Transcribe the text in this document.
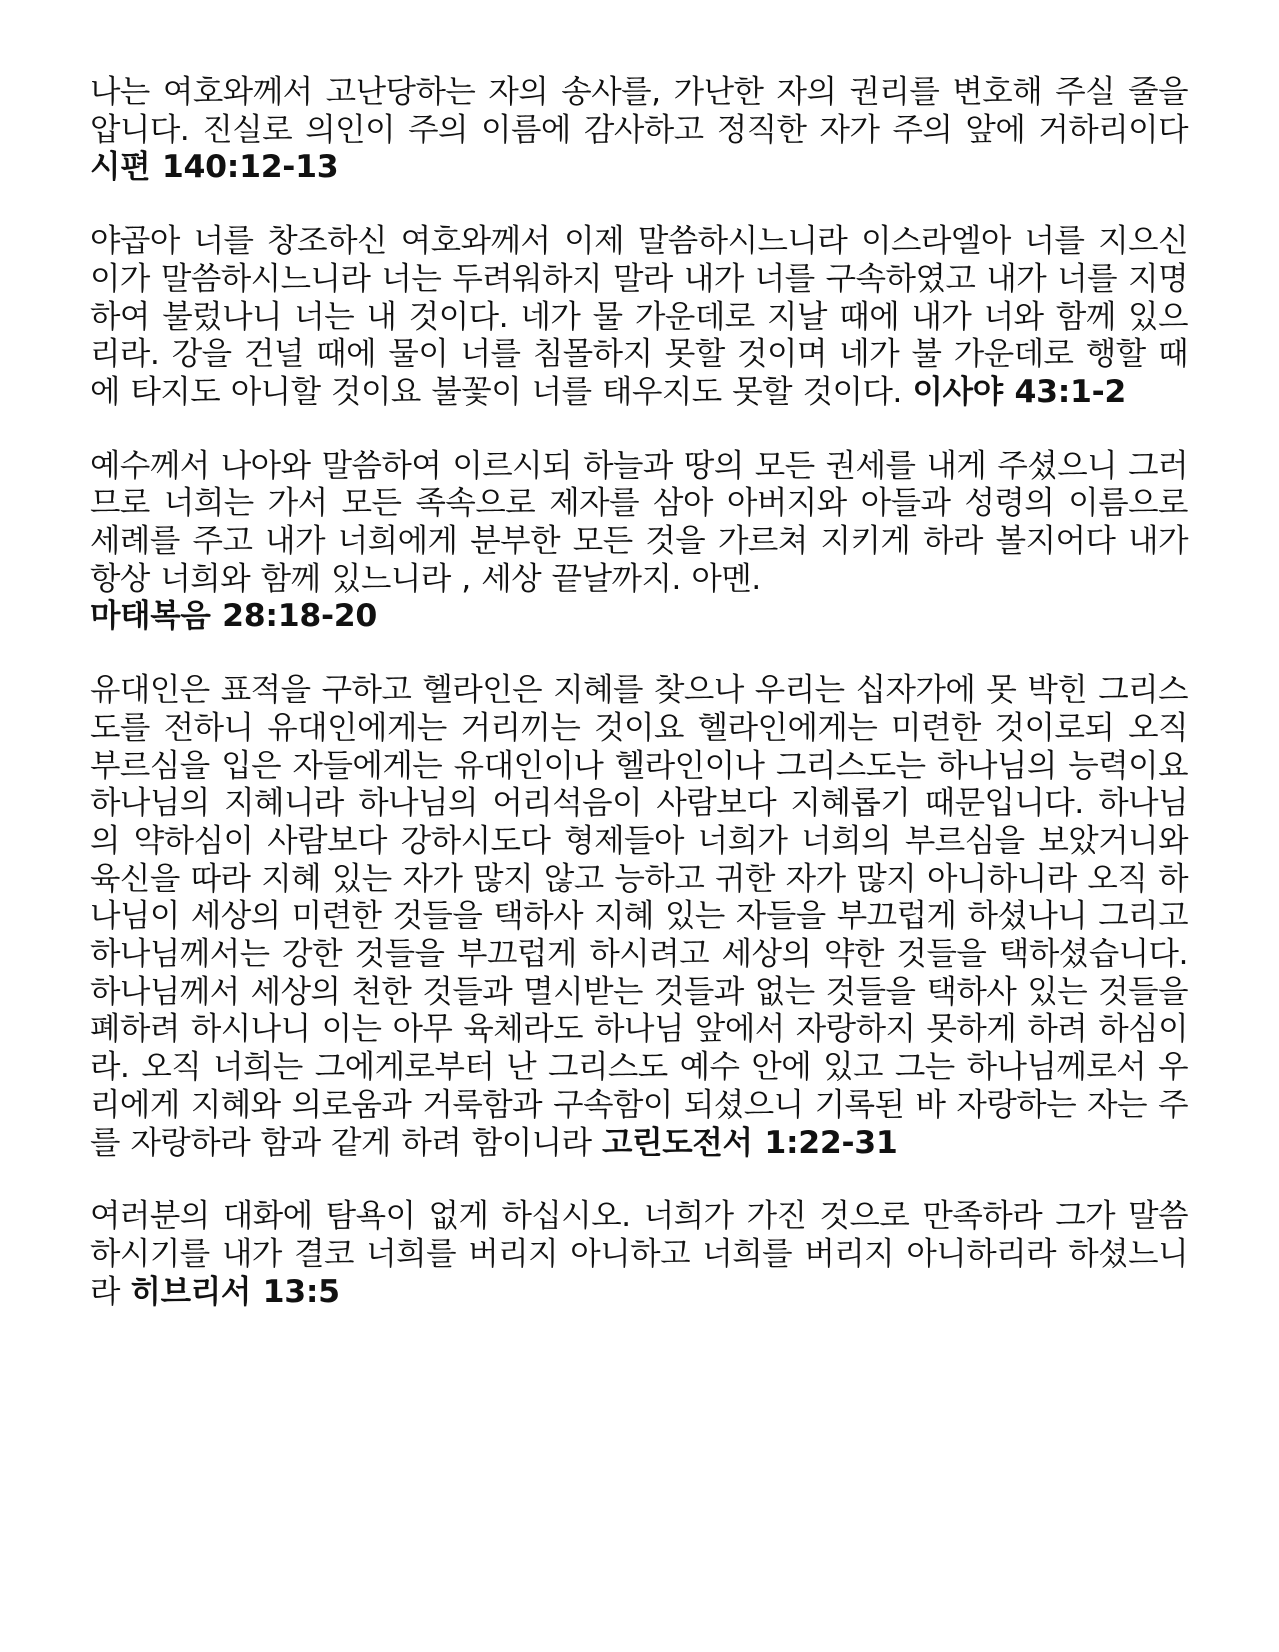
나는 여호와께서 고난당하는 자의 송사를, 가난한 자의 권리를 변호해 주실 줄을 압니다. 진실로 의인이 주의 이름에 감사하고 정직한 자가 주의 앞에 거하리이다 시편 140:12-13

야곱아 너를 창조하신 여호와께서 이제 말씀하시느니라 이스라엘아 너를 지으신 이가 말씀하시느니라 너는 두려워하지 말라 내가 너를 구속하였고 내가 너를 지명하여 불렀나니 너는 내 것이다. 네가 물 가운데로 지날 때에 내가 너와 함께 있으리라. 강을 건널 때에 물이 너를 침몰하지 못할 것이며 네가 불 가운데로 행할 때에 타지도 아니할 것이요 불꽃이 너를 태우지도 못할 것이다. 이사야 43:1-2

예수께서 나아와 말씀하여 이르시되 하늘과 땅의 모든 권세를 내게 주셨으니 그러므로 너희는 가서 모든 족속으로 제자를 삼아 아버지와 아들과 성령의 이름으로 세례를 주고 내가 너희에게 분부한 모든 것을 가르쳐 지키게 하라 볼지어다 내가 항상 너희와 함께 있느니라 , 세상 끝날까지. 아멘.
마태복음 28:18-20

유대인은 표적을 구하고 헬라인은 지혜를 찾으나 우리는 십자가에 못 박힌 그리스도를 전하니 유대인에게는 거리끼는 것이요 헬라인에게는 미련한 것이로되 오직 부르심을 입은 자들에게는 유대인이나 헬라인이나 그리스도는 하나님의 능력이요 하나님의 지혜니라 하나님의 어리석음이 사람보다 지혜롭기 때문입니다. 하나님의 약하심이 사람보다 강하시도다 형제들아 너희가 너희의 부르심을 보았거니와 육신을 따라 지혜 있는 자가 많지 않고 능하고 귀한 자가 많지 아니하니라 오직 하나님이 세상의 미련한 것들을 택하사 지혜 있는 자들을 부끄럽게 하셨나니 그리고 하나님께서는 강한 것들을 부끄럽게 하시려고 세상의 약한 것들을 택하셨습니다. 하나님께서 세상의 천한 것들과 멸시받는 것들과 없는 것들을 택하사 있는 것들을 폐하려 하시나니 이는 아무 육체라도 하나님 앞에서 자랑하지 못하게 하려 하심이라. 오직 너희는 그에게로부터 난 그리스도 예수 안에 있고 그는 하나님께로서 우리에게 지혜와 의로움과 거룩함과 구속함이 되셨으니 기록된 바 자랑하는 자는 주를 자랑하라 함과 같게 하려 함이니라 고린도전서 1:22-31

여러분의 대화에 탐욕이 없게 하십시오. 너희가 가진 것으로 만족하라 그가 말씀하시기를 내가 결코 너희를 버리지 아니하고 너희를 버리지 아니하리라 하셨느니라 히브리서 13:5
